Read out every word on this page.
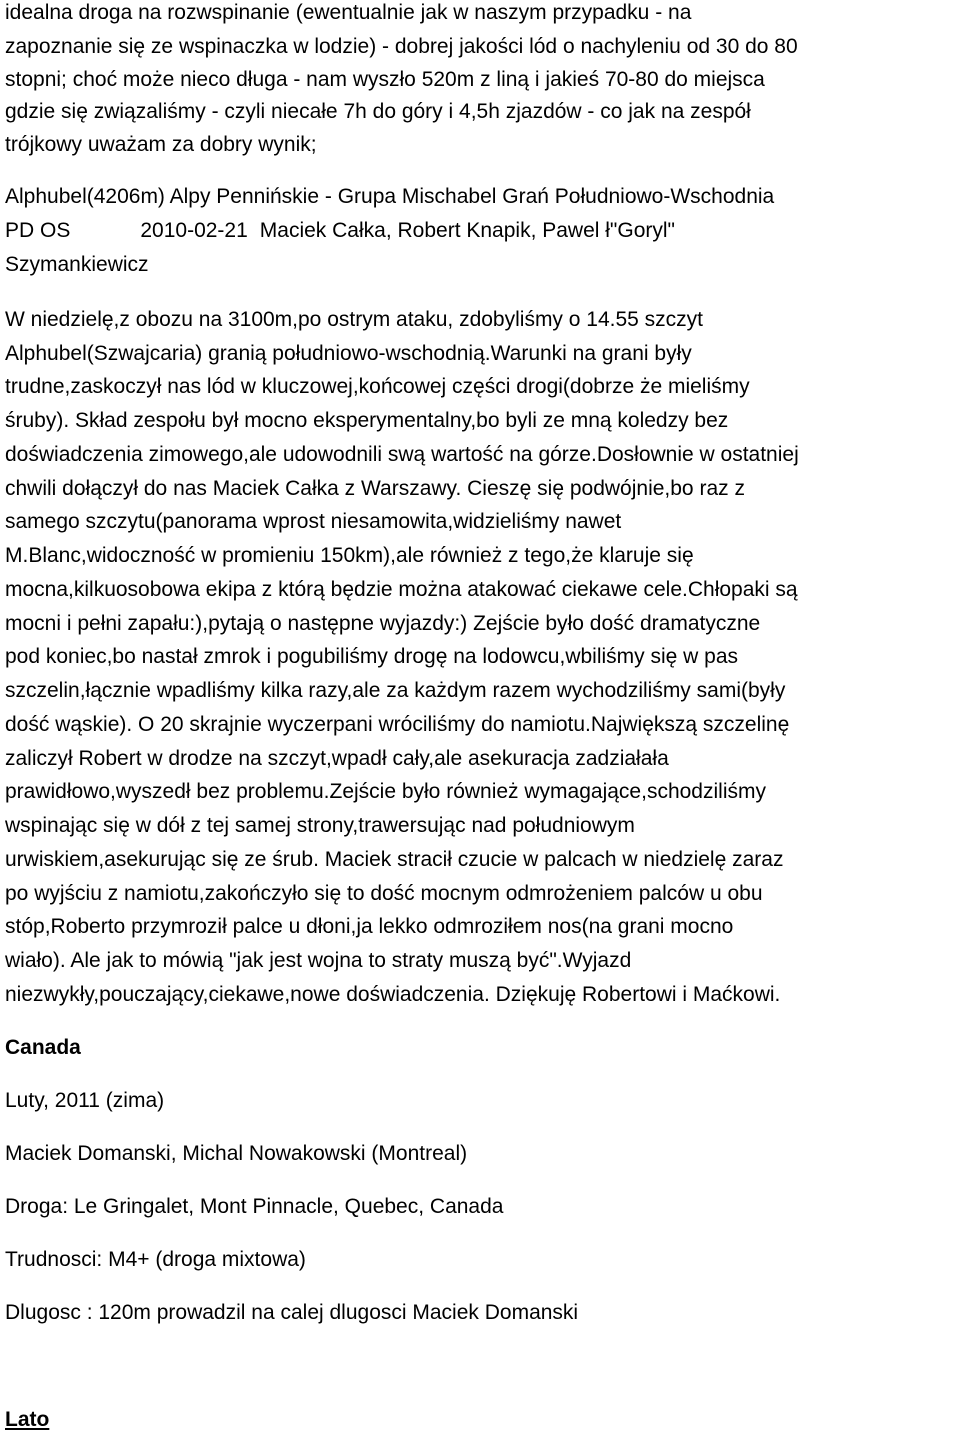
idealna droga na rozwspinanie (ewentualnie jak w naszym przypadku - na
zapoznanie się ze wspinaczka w lodzie) - dobrej jakości lód o nachyleniu od 30 do 80
stopni; choć może nieco długa - nam wyszło 520m z liną i jakieś 70-80 do miejsca
gdzie się związaliśmy - czyli niecałe 7h do góry i 4,5h zjazdów - co jak na zespół
trójkowy uważam za dobry wynik;
Alphubel(4206m) Alpy Pennińskie - Grupa Mischabel Grań Południowo-Wschodnia
PD OS	2010-02-21 Maciek Całka, Robert Knapik, Pawel ł"Goryl"
Szymankiewicz
W niedzielę,z obozu na 3100m,po ostrym ataku, zdobyliśmy o 14.55 szczyt
Alphubel(Szwajcaria) granią południowo-wschodnią.Warunki na grani były
trudne,zaskoczył nas lód w kluczowej,końcowej części drogi(dobrze że mieliśmy
śruby). Skład zespołu był mocno eksperymentalny,bo byli ze mną koledzy bez
doświadczenia zimowego,ale udowodnili swą wartość na górze.Dosłownie w ostatniej
chwili dołączył do nas Maciek Całka z Warszawy. Cieszę się podwójnie,bo raz z
samego szczytu(panorama wprost niesamowita,widzieliśmy nawet
M.Blanc,widoczność w promieniu 150km),ale również z tego,że klaruje się
mocna,kilkuosobowa ekipa z którą będzie można atakować ciekawe cele.Chłopaki są
mocni i pełni zapału:),pytają o następne wyjazdy:) Zejście było dość dramatyczne
pod koniec,bo nastał zmrok i pogubiliśmy drogę na lodowcu,wbiliśmy się w pas
szczelin,łącznie wpadliśmy kilka razy,ale za każdym razem wychodziliśmy sami(były
dość wąskie). O 20 skrajnie wyczerpani wróciliśmy do namiotu.Największą szczelinę
zaliczył Robert w drodze na szczyt,wpadł cały,ale asekuracja zadziałała
prawidłowo,wyszedł bez problemu.Zejście było również wymagające,schodziliśmy
wspinając się w dół z tej samej strony,trawersując nad południowym
urwiskiem,asekurując się ze śrub. Maciek stracił czucie w palcach w niedzielę zaraz
po wyjściu z namiotu,zakończyło się to dość mocnym odmrożeniem palców u obu
stóp,Roberto przymroził palce u dłoni,ja lekko odmroziłem nos(na grani mocno
wiało). Ale jak to mówią "jak jest wojna to straty muszą być".Wyjazd
niezwykły,pouczający,ciekawe,nowe doświadczenia. Dziękuję Robertowi i Maćkowi.
Canada
Luty, 2011 (zima)
Maciek Domanski, Michal Nowakowski (Montreal)
Droga: Le Gringalet, Mont Pinnacle, Quebec, Canada
Trudnosci: M4+ (droga mixtowa)
Dlugosc : 120m prowadzil na calej dlugosci Maciek Domanski
Lato
